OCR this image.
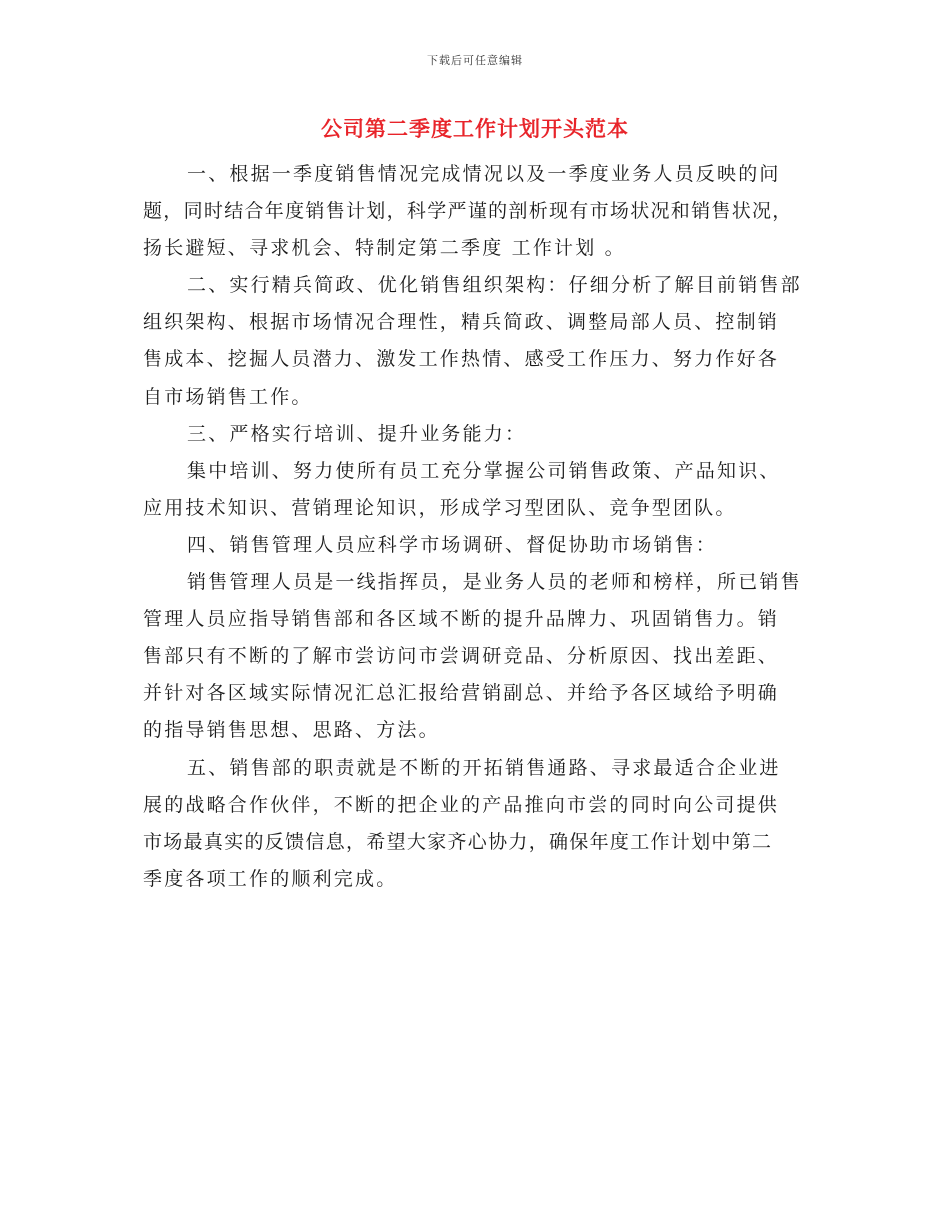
下载后可任意编辑
公司第二季度工作计划开头范本
一、根据一季度销售情况完成情况以及一季度业务人员反映的问
题，同时结合年度销售计划，科学严谨的剖析现有市场状况和销售状况，
扬长避短、寻求机会、特制定第二季度 工作计划 。
二、实行精兵简政、优化销售组织架构：仔细分析了解目前销售部
组织架构、根据市场情况合理性，精兵简政、调整局部人员、控制销
售成本、挖掘人员潜力、激发工作热情、感受工作压力、努力作好各
自市场销售工作。
三、严格实行培训、提升业务能力：
集中培训、努力使所有员工充分掌握公司销售政策、产品知识、
应用技术知识、营销理论知识，形成学习型团队、竞争型团队。
四、销售管理人员应科学市场调研、督促协助市场销售：
销售管理人员是一线指挥员，是业务人员的老师和榜样，所已销售
管理人员应指导销售部和各区域不断的提升品牌力、巩固销售力。销
售部只有不断的了解市尝访问市尝调研竞品、分析原因、找出差距、
并针对各区域实际情况汇总汇报给营销副总、并给予各区域给予明确
的指导销售思想、思路、方法。
五、销售部的职责就是不断的开拓销售通路、寻求最适合企业进
展的战略合作伙伴，不断的把企业的产品推向市尝的同时向公司提供
市场最真实的反馈信息，希望大家齐心协力，确保年度工作计划中第二
季度各项工作的顺利完成。
